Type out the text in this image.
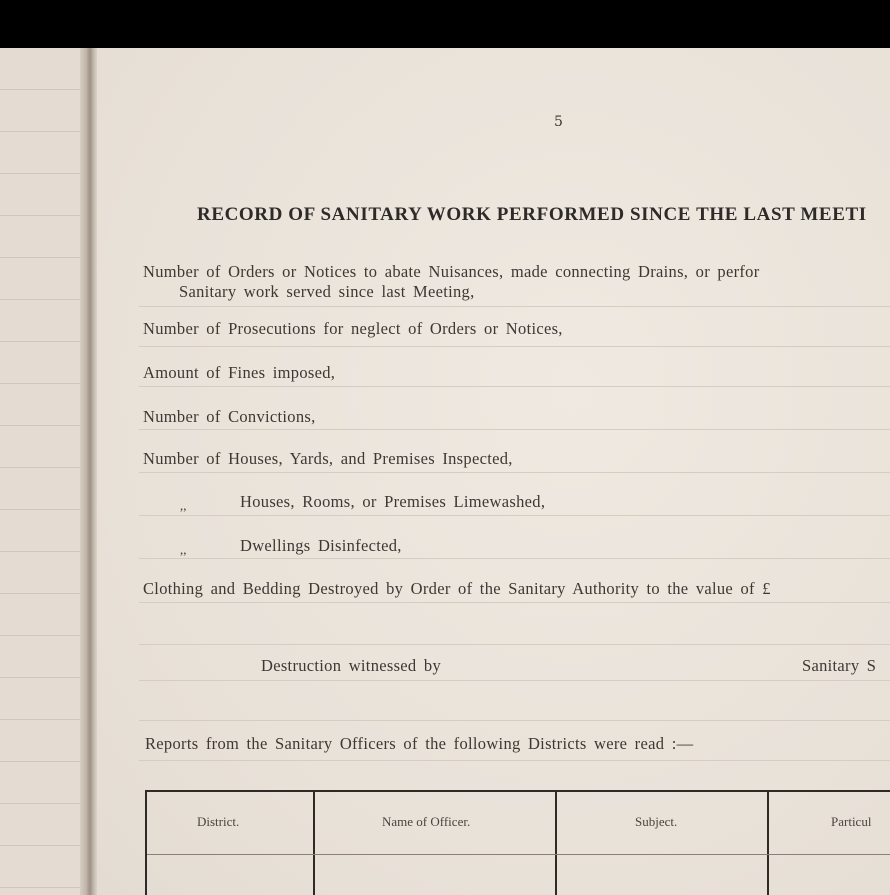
5
RECORD OF SANITARY WORK PERFORMED SINCE THE LAST MEETI
Number of Orders or Notices to abate Nuisances, made connecting Drains, or perfor
Sanitary work served since last Meeting,
Number of Prosecutions for neglect of Orders or Notices,
Amount of Fines imposed,
Number of Convictions,
Number of Houses, Yards, and Premises Inspected,
,,	Houses, Rooms, or Premises Limewashed,
,,	Dwellings Disinfected,
Clothing and Bedding Destroyed by Order of the Sanitary Authority to the value of £
Destruction witnessed by	Sanitary S
Reports from the Sanitary Officers of the following Districts were read :—
District.	Name of Officer.	Subject.	Particul
